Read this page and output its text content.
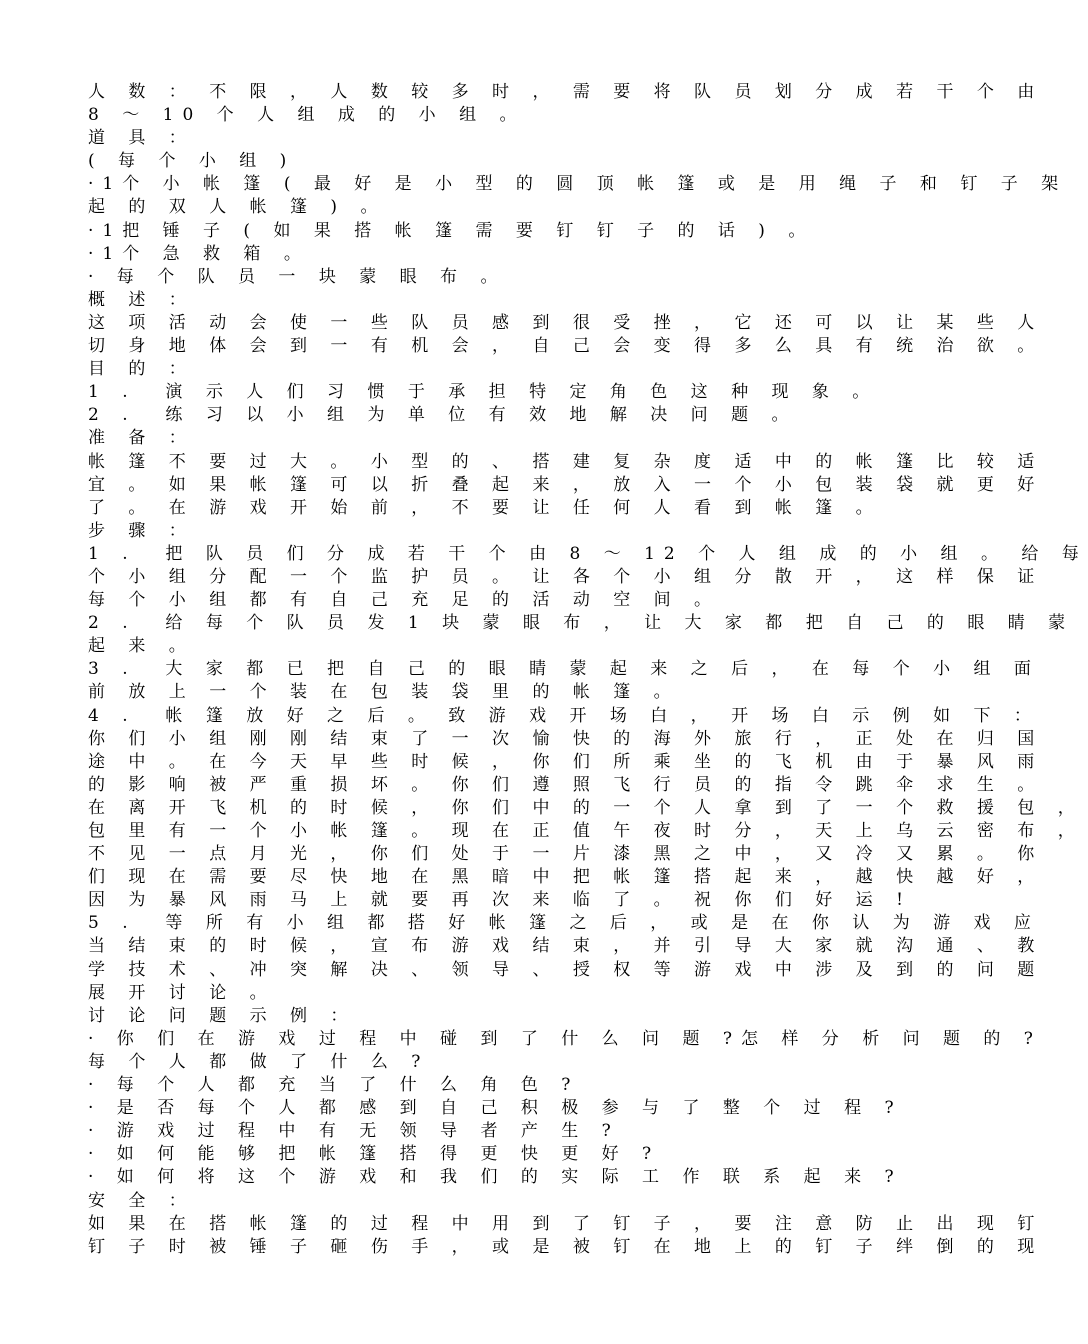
人 数 ： 不 限 ， 人 数 较 多 时 ， 需 要 将 队 员 划 分 成 若 干 个 由
8 ～ 10 个 人 组 成 的 小 组 。
道 具 ：
( 每 个 小 组 )
·1个 小 帐 篷 ( 最 好 是 小 型 的 圆 顶 帐 篷 或 是 用 绳 子 和 钉 子 架
起 的 双 人 帐 篷 ) 。
·1把 锤 子 ( 如 果 搭 帐 篷 需 要 钉 钉 子 的 话 ) 。
·1个 急 救 箱 。
· 每 个 队 员 一 块 蒙 眼 布 。
概 述 ：
这 项 活 动 会 使 一 些 队 员 感 到 很 受 挫 ， 它 还 可 以 让 某 些 人
切 身 地 体 会 到 一 有 机 会 ， 自 己 会 变 得 多 么 具 有 统 治 欲 。
目 的 ：
1 .  演 示 人 们 习 惯 于 承 担 特 定 角 色 这 种 现 象 。
2 .  练 习 以 小 组 为 单 位 有 效 地 解 决 问 题 。
准 备 ：
帐 篷 不 要 过 大 。 小 型 的 、 搭 建 复 杂 度 适 中 的 帐 篷 比 较 适
宜 。 如 果 帐 篷 可 以 折 叠 起 来 ， 放 入 一 个 小 包 装 袋 就 更 好
了 。 在 游 戏 开 始 前 ， 不 要 让 任 何 人 看 到 帐 篷 。
步 骤 ：
1 .  把 队 员 们 分 成 若 干 个 由 8 ～ 12 个 人 组 成 的 小 组 。 给 每
个 小 组 分 配 一 个 监 护 员 。 让 各 个 小 组 分 散 开 ， 这 样 保 证
每 个 小 组 都 有 自 己 充 足 的 活 动 空 间 。
2 .  给 每 个 队 员 发 1 块 蒙 眼 布 ， 让 大 家 都 把 自 己 的 眼 睛 蒙
起 来 。
3 .  大 家 都 已 把 自 己 的 眼 睛 蒙 起 来 之 后 ， 在 每 个 小 组 面
前 放 上 一 个 装 在 包 装 袋 里 的 帐 篷 。
4 .  帐 篷 放 好 之 后 。 致 游 戏 开 场 白 ， 开 场 白 示 例 如 下 ：
你 们 小 组 刚 刚 结 束 了 一 次 愉 快 的 海 外 旅 行 ， 正 处 在 归 国
途 中 。 在 今 天 早 些 时 候 ， 你 们 所 乘 坐 的 飞 机 由 于 暴 风 雨
的 影 响 被 严 重 损 坏 。 你 们 遵 照 飞 行 员 的 指 令 跳 伞 求 生 。
在 离 开 飞 机 的 时 候 ， 你 们 中 的 一 个 人 拿 到 了 一 个 救 援 包 ，
包 里 有 一 个 小 帐 篷 。 现 在 正 值 午 夜 时 分 ， 天 上 乌 云 密 布 ，
不 见 一 点 月 光 ， 你 们 处 于 一 片 漆 黑 之 中 ， 又 冷 又 累 。 你
们 现 在 需 要 尽 快 地 在 黑 暗 中 把 帐 篷 搭 起 来 ， 越 快 越 好 ，
因 为 暴 风 雨 马 上 就 要 再 次 来 临 了 。 祝 你 们 好 运 !
5 .  等 所 有 小 组 都 搭 好 帐 篷 之 后 ， 或 是 在 你 认 为 游 戏 应
当 结 束 的 时 候 ， 宣 布 游 戏 结 束 ， 并 引 导 大 家 就 沟 通 、 教
学 技 术 、 冲 突 解 决 、 领 导 、 授 权 等 游 戏 中 涉 及 到 的 问 题
展 开 讨 论 。
讨 论 问 题 示 例 ：
· 你 们 在 游 戏 过 程 中 碰 到 了 什 么 问 题 ?怎 样 分 析 问 题 的 ?
每 个 人 都 做 了 什 么 ?
· 每 个 人 都 充 当 了 什 么 角 色 ?
· 是 否 每 个 人 都 感 到 自 己 积 极 参 与 了 整 个 过 程 ?
· 游 戏 过 程 中 有 无 领 导 者 产 生 ?
· 如 何 能 够 把 帐 篷 搭 得 更 快 更 好 ?
· 如 何 将 这 个 游 戏 和 我 们 的 实 际 工 作 联 系 起 来 ?
安 全 ：
如 果 在 搭 帐 篷 的 过 程 中 用 到 了 钉 子 ， 要 注 意 防 止 出 现 钉
钉 子 时 被 锤 子 砸 伤 手 ， 或 是 被 钉 在 地 上 的 钉 子 绊 倒 的 现
